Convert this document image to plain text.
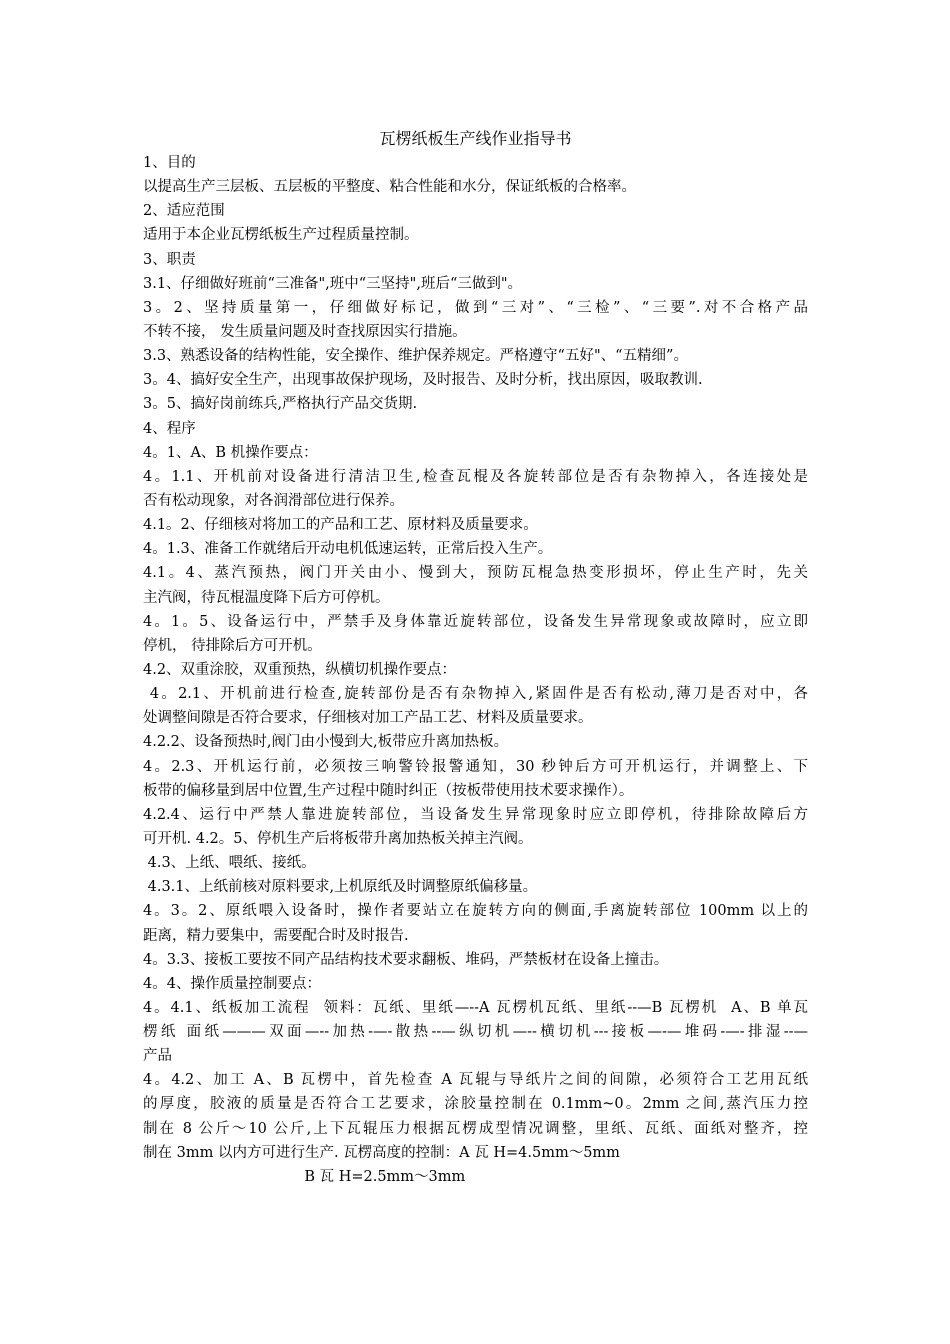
瓦楞纸板生产线作业指导书
1、目的
以提高生产三层板、五层板的平整度、粘合性能和水分，保证纸板的合格率。
2、适应范围
适用于本企业瓦楞纸板生产过程质量控制。
3、职责
3.1、仔细做好班前“三准备",班中“三坚持",班后“三做到"。
3。2、坚持质量第一，仔细做好标记，做到“三对”、“三检”、“三要”.对不合格产品
不转不接， 发生质量问题及时查找原因实行措施。
3.3、熟悉设备的结构性能，安全操作、维护保养规定。严格遵守“五好"、“五精细”。
3。4、搞好安全生产，出现事故保护现场，及时报告、及时分析，找出原因，吸取教训.
3。5、搞好岗前练兵,严格执行产品交货期.
4、程序
4。1、A、B 机操作要点：
4。1.1、开机前对设备进行清洁卫生,检查瓦棍及各旋转部位是否有杂物掉入，各连接处是
否有松动现象，对各润滑部位进行保养。
4.1。2、仔细核对将加工的产品和工艺、原材料及质量要求。
4。1.3、准备工作就绪后开动电机低速运转，正常后投入生产。
4.1。4、蒸汽预热，阀门开关由小、慢到大，预防瓦棍急热变形损坏，停止生产时，先关
主汽阀，待瓦棍温度降下后方可停机。
4。1。5、设备运行中，严禁手及身体靠近旋转部位，设备发生异常现象或故障时，应立即
停机， 待排除后方可开机。
4.2、双重涂胶，双重预热，纵横切机操作要点：
4。2.1、开机前进行检查,旋转部份是否有杂物掉入,紧固件是否有松动,薄刀是否对中，各
处调整间隙是否符合要求，仔细核对加工产品工艺、材料及质量要求。
4.2.2、设备预热时,阀门由小慢到大,板带应升离加热板。
4。2.3、开机运行前，必须按三响警铃报警通知，30 秒钟后方可开机运行，并调整上、下
板带的偏移量到居中位置,生产过程中随时纠正（按板带使用技术要求操作）。
4.2.4、运行中严禁人靠进旋转部位，当设备发生异常现象时应立即停机，待排除故障后方
可开机. 4.2。5、停机生产后将板带升离加热板关掉主汽阀。
4.3、上纸、喂纸、接纸。
4.3.1、上纸前核对原料要求,上机原纸及时调整原纸偏移量。
4。3。2、原纸喂入设备时，操作者要站立在旋转方向的侧面,手离旋转部位 100mm 以上的
距离，精力要集中，需要配合时及时报告.
4。3.3、接板工要按不同产品结构技术要求翻板、堆码，严禁板材在设备上撞击。
4。4、操作质量控制要点：
4。4.1、纸板加工流程  领料：瓦纸、里纸—--A 瓦楞机瓦纸、里纸--—B 瓦楞机  A、B 单瓦
楞纸 面纸———双面—--加热-—-散热--—纵切机—--横切机---接板—-—堆码-—-排湿--—
产品
4。4.2、加工 A、B 瓦楞中，首先检查 A 瓦辊与导纸片之间的间隙，必须符合工艺用瓦纸
的厚度，胶液的质量是否符合工艺要求，涂胶量控制在 0.1mm~0。2mm 之间,蒸汽压力控
制在 8 公斤～10 公斤,上下瓦辊压力根据瓦楞成型情况调整，里纸、瓦纸、面纸对整齐，控
制在 3mm 以内方可进行生产. 瓦楞高度的控制：A 瓦 H=4.5mm～5mm
B 瓦 H=2.5mm～3mm
